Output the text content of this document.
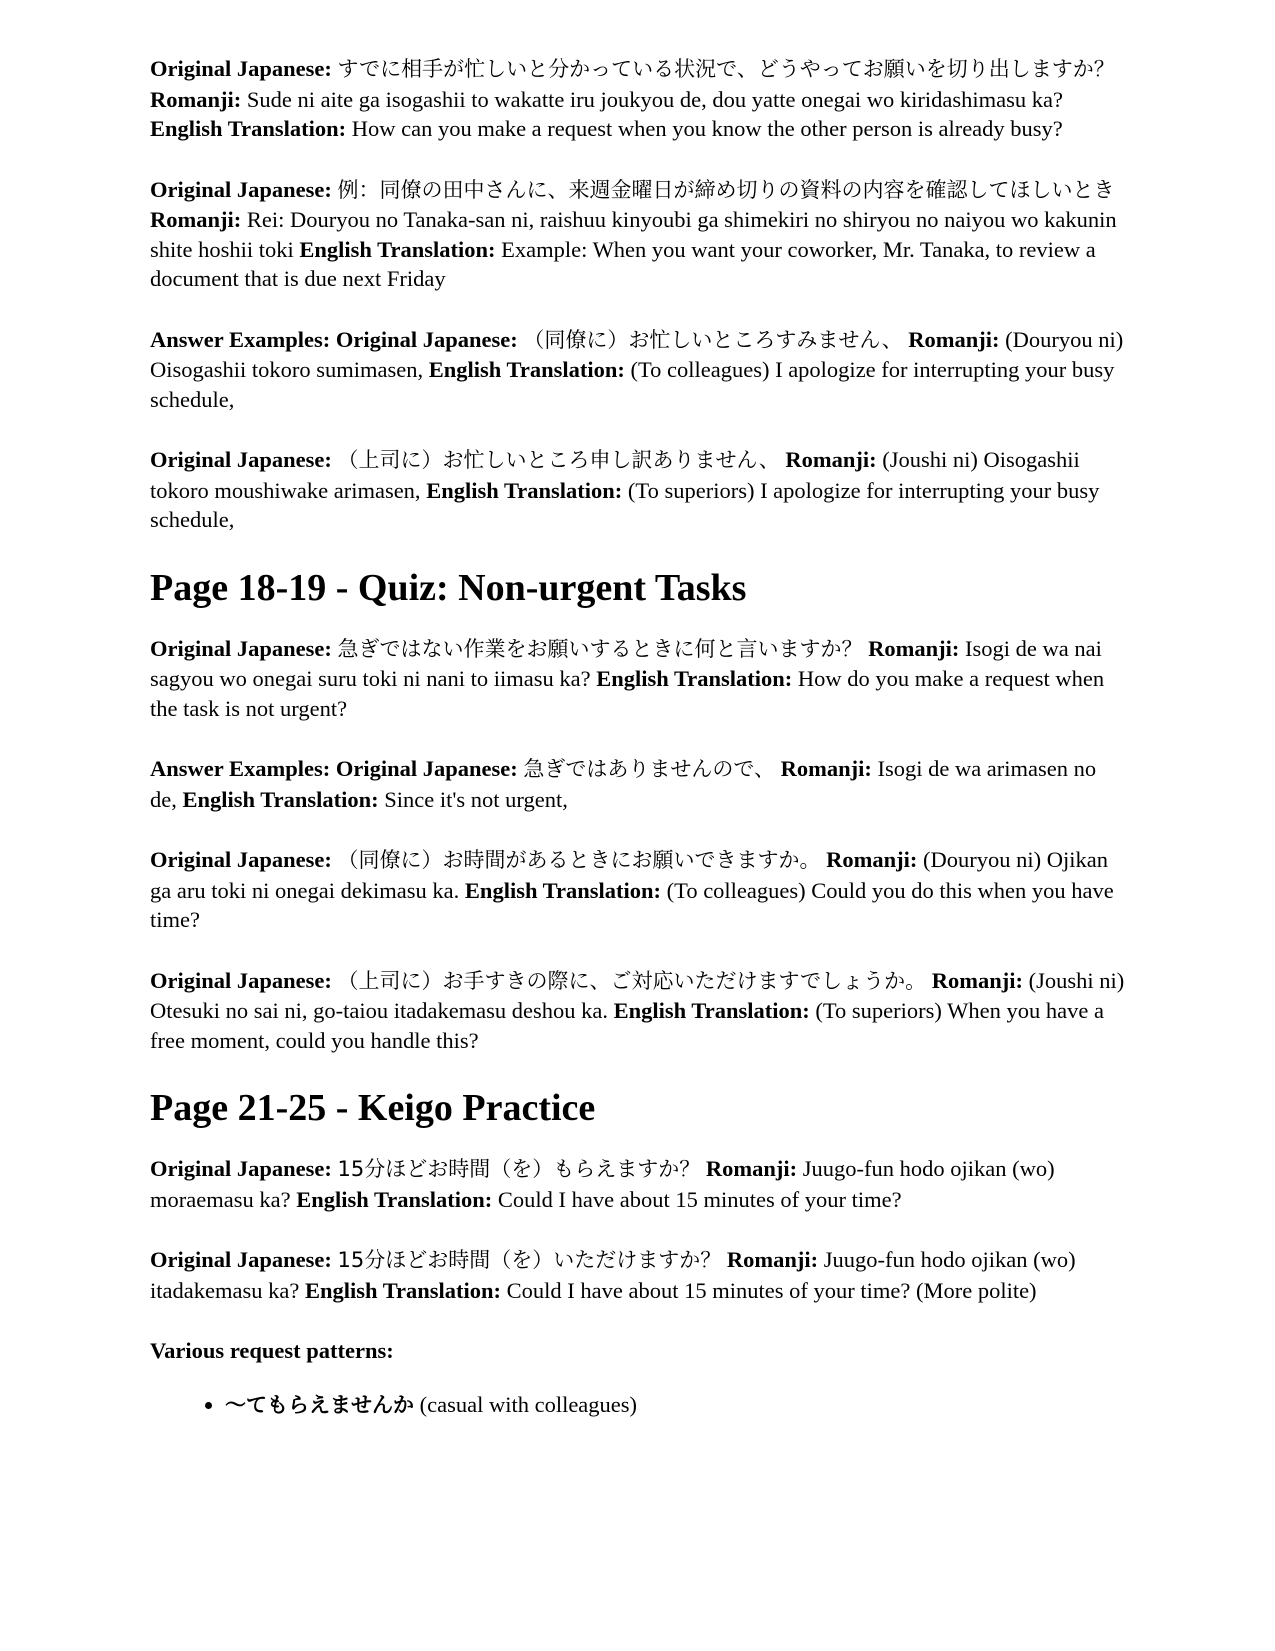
Original Japanese: すでに相手が忙しいと分かっている状況で、どうやってお願いを切り出しますか？ Romanji: Sude ni aite ga isogashii to wakatte iru joukyou de, dou yatte onegai wo kiridashimasu ka? English Translation: How can you make a request when you know the other person is already busy?

Original Japanese: 例：同僚の田中さんに、来週金曜日が締め切りの資料の内容を確認してほしいとき Romanji: Rei: Douryou no Tanaka-san ni, raishuu kinyoubi ga shimekiri no shiryou no naiyou wo kakunin shite hoshii toki English Translation: Example: When you want your coworker, Mr. Tanaka, to review a document that is due next Friday

Answer Examples: Original Japanese: （同僚に）お忙しいところすみません、 Romanji: (Douryou ni) Oisogashii tokoro sumimasen, English Translation: (To colleagues) I apologize for interrupting your busy schedule,

Original Japanese: （上司に）お忙しいところ申し訳ありません、 Romanji: (Joushi ni) Oisogashii tokoro moushiwake arimasen, English Translation: (To superiors) I apologize for interrupting your busy schedule,

Page 18-19 - Quiz: Non-urgent Tasks

Original Japanese: 急ぎではない作業をお願いするときに何と言いますか？ Romanji: Isogi de wa nai sagyou wo onegai suru toki ni nani to iimasu ka? English Translation: How do you make a request when the task is not urgent?

Answer Examples: Original Japanese: 急ぎではありませんので、 Romanji: Isogi de wa arimasen no de, English Translation: Since it's not urgent,

Original Japanese: （同僚に）お時間があるときにお願いできますか。 Romanji: (Douryou ni) Ojikan ga aru toki ni onegai dekimasu ka. English Translation: (To colleagues) Could you do this when you have time?

Original Japanese: （上司に）お手すきの際に、ご対応いただけますでしょうか。 Romanji: (Joushi ni) Otesuki no sai ni, go-taiou itadakemasu deshou ka. English Translation: (To superiors) When you have a free moment, could you handle this?

Page 21-25 - Keigo Practice

Original Japanese: 15分ほどお時間（を）もらえますか？ Romanji: Juugo-fun hodo ojikan (wo) moraemasu ka? English Translation: Could I have about 15 minutes of your time?

Original Japanese: 15分ほどお時間（を）いただけますか？ Romanji: Juugo-fun hodo ojikan (wo) itadakemasu ka? English Translation: Could I have about 15 minutes of your time? (More polite)

Various request patterns:

• 〜てもらえませんか (casual with colleagues)
